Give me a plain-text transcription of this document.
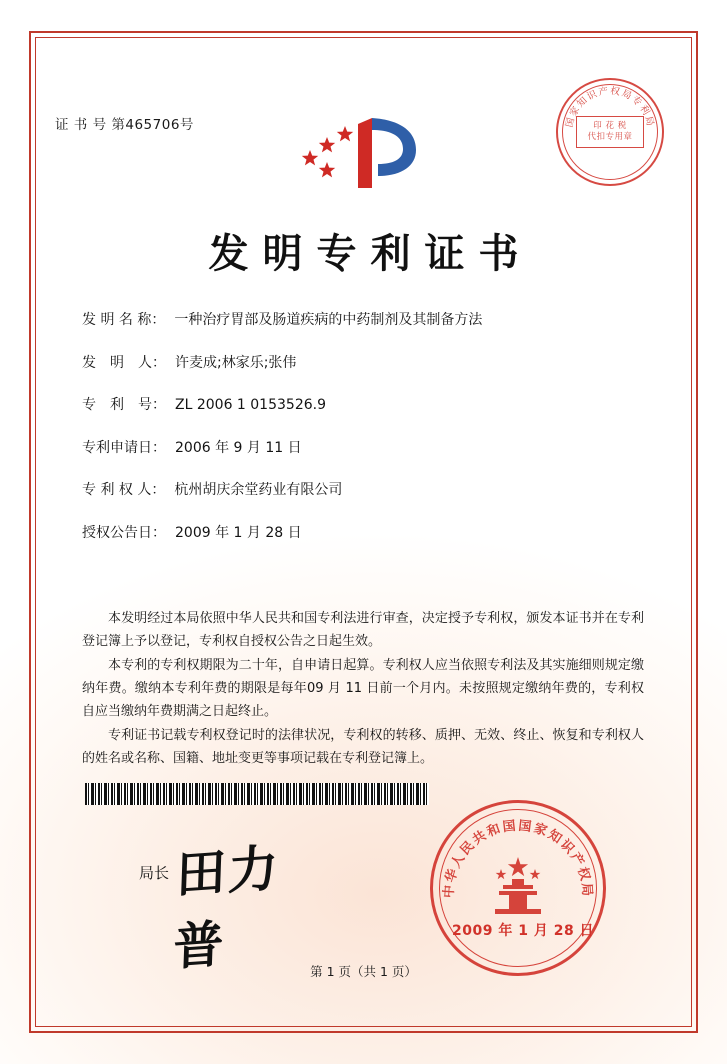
证 书 号 第465706号	国家知识产权局专利局
印 花 税
代扣专用章
发明专利证书
发 明 名 称： 一种治疗胃部及肠道疾病的中药制剂及其制备方法
发　明　人： 许麦成;林家乐;张伟
专　利　号： ZL 2006 1 0153526.9
专利申请日： 2006 年 9 月 11 日
专 利 权 人： 杭州胡庆余堂药业有限公司
授权公告日： 2009 年 1 月 28 日

本发明经过本局依照中华人民共和国专利法进行审查，决定授予专利权，颁发本证书并在专利登记簿上予以登记，专利权自授权公告之日起生效。

本专利的专利权期限为二十年，自申请日起算。专利权人应当依照专利法及其实施细则规定缴纳年费。缴纳本专利年费的期限是每年09 月 11 日前一个月内。未按照规定缴纳年费的，专利权自应当缴纳年费期满之日起终止。

专利证书记载专利权登记时的法律状况，专利权的转移、质押、无效、终止、恢复和专利权人的姓名或名称、国籍、地址变更等事项记载在专利登记簿上。

局长 田力普
中华人民共和国国家知识产权局
2009 年 1 月 28 日
第 1 页（共 1 页）
